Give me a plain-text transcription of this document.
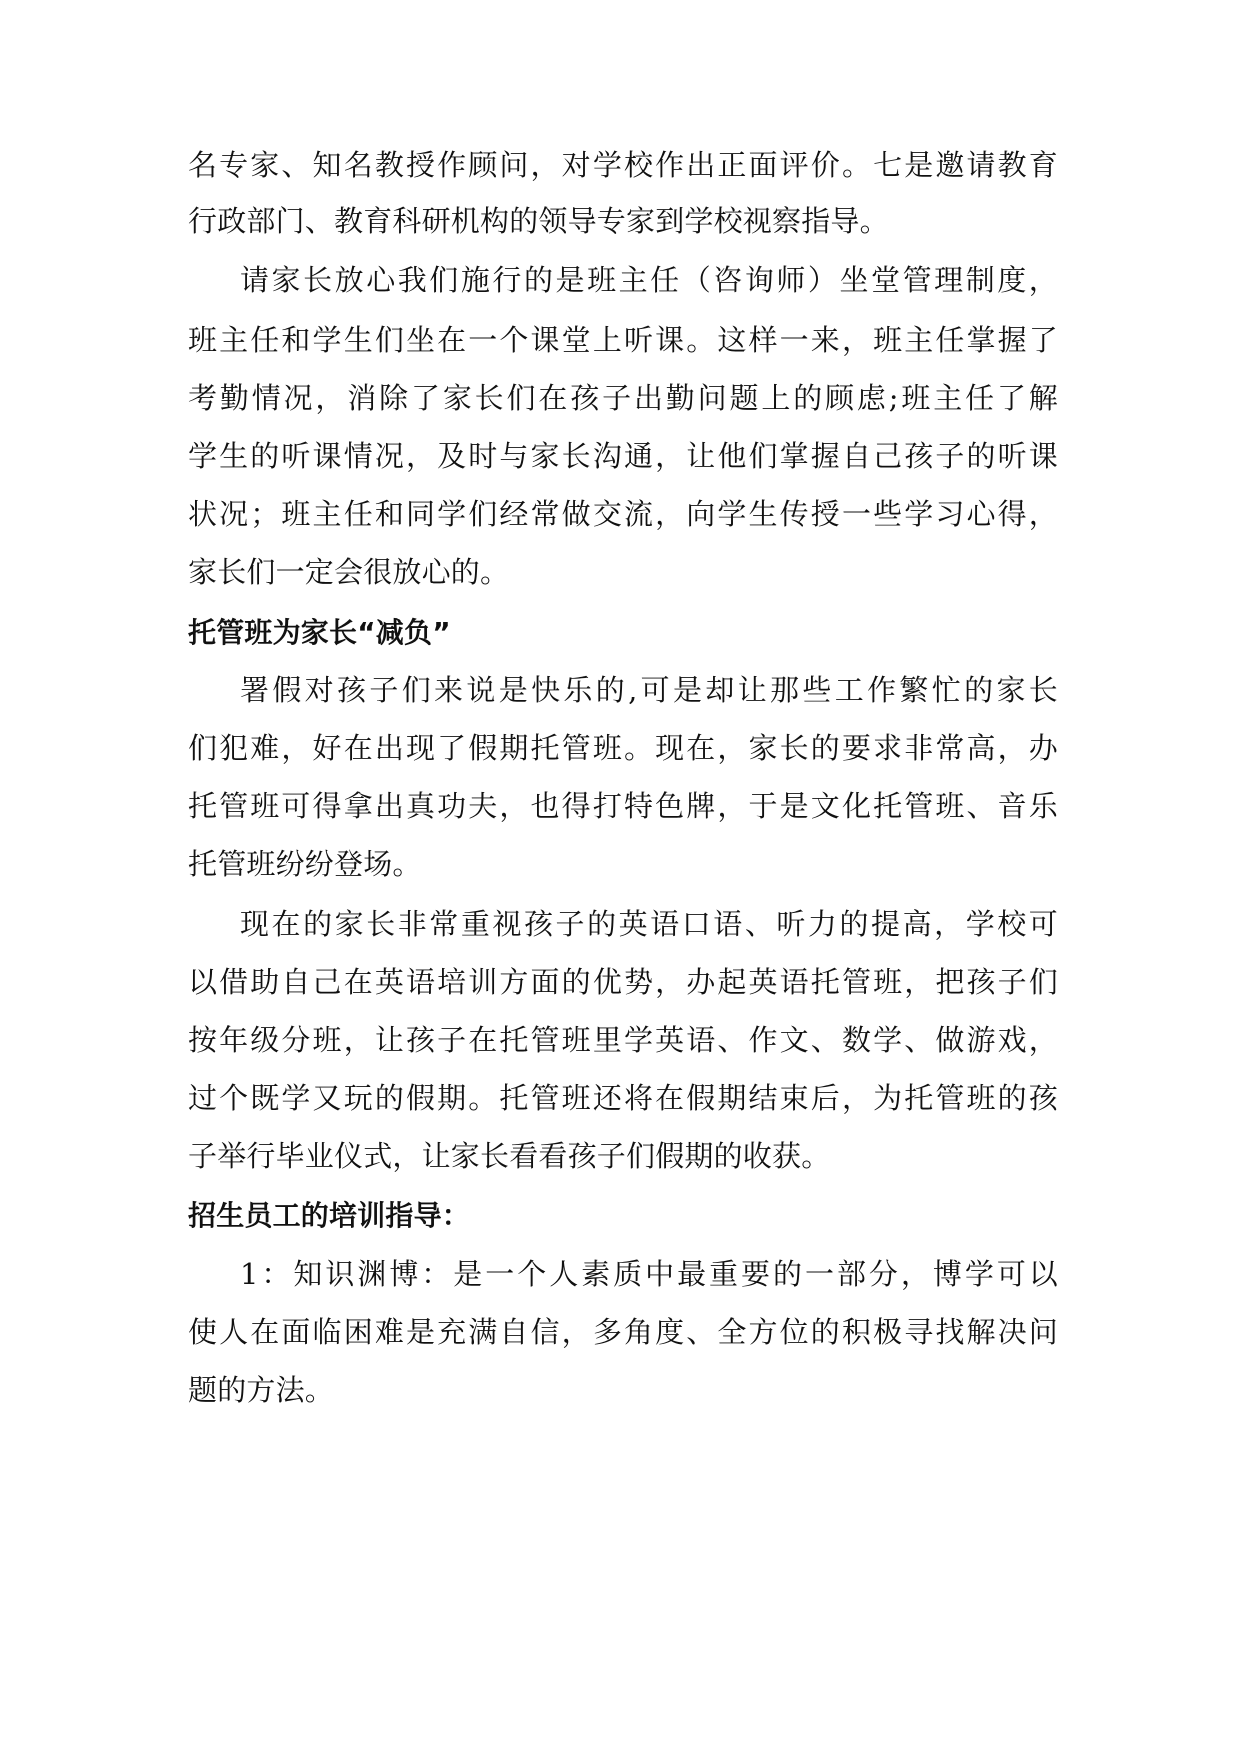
名专家、知名教授作顾问，对学校作出正面评价。七是邀请教育
行政部门、教育科研机构的领导专家到学校视察指导。
请家长放心我们施行的是班主任（咨询师）坐堂管理制度，
班主任和学生们坐在一个课堂上听课。这样一来，班主任掌握了
考勤情况，消除了家长们在孩子出勤问题上的顾虑;班主任了解
学生的听课情况，及时与家长沟通，让他们掌握自己孩子的听课
状况；班主任和同学们经常做交流，向学生传授一些学习心得，
家长们一定会很放心的。
托管班为家长“减负”
署假对孩子们来说是快乐的,可是却让那些工作繁忙的家长
们犯难，好在出现了假期托管班。现在，家长的要求非常高，办
托管班可得拿出真功夫，也得打特色牌，于是文化托管班、音乐
托管班纷纷登场。
现在的家长非常重视孩子的英语口语、听力的提高，学校可
以借助自己在英语培训方面的优势，办起英语托管班，把孩子们
按年级分班，让孩子在托管班里学英语、作文、数学、做游戏，
过个既学又玩的假期。托管班还将在假期结束后，为托管班的孩
子举行毕业仪式，让家长看看孩子们假期的收获。
招生员工的培训指导：
1：知识渊博：是一个人素质中最重要的一部分，博学可以
使人在面临困难是充满自信，多角度、全方位的积极寻找解决问
题的方法。
